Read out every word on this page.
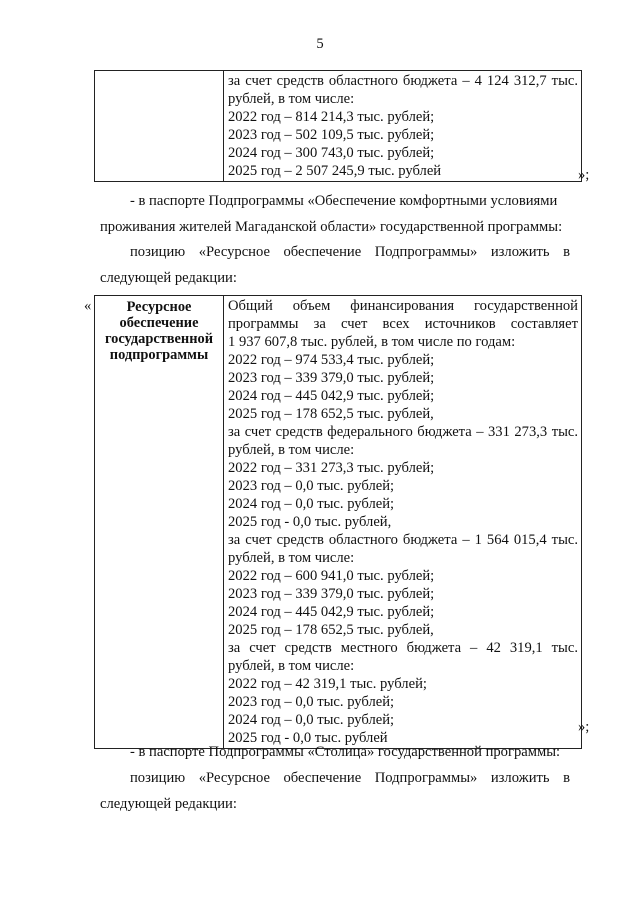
5

за счет средств областного бюджета – 4 124 312,7 тыс.
рублей, в том числе:
2022 год – 814 214,3 тыс. рублей;
2023 год – 502 109,5 тыс. рублей;
2024 год – 300 743,0 тыс. рублей;
2025 год – 2 507 245,9 тыс. рублей	»;
- в паспорте Подпрограммы «Обеспечение комфортными условиями
проживания жителей Магаданской области» государственной программы:
позицию «Ресурсное обеспечение Подпрограммы» изложить в
следующей редакции:
«	Ресурсное
обеспечение
государственной
подпрограммы

Общий объем финансирования государственной
программы за счет всех источников составляет
1 937 607,8 тыс. рублей, в том числе по годам:
2022 год – 974 533,4 тыс. рублей;
2023 год – 339 379,0 тыс. рублей;
2024 год – 445 042,9 тыс. рублей;
2025 год – 178 652,5 тыс. рублей,
за счет средств федерального бюджета – 331 273,3 тыс.
рублей, в том числе:
2022 год – 331 273,3 тыс. рублей;
2023 год – 0,0 тыс. рублей;
2024 год – 0,0 тыс. рублей;
2025 год - 0,0 тыс. рублей,
за счет средств областного бюджета – 1 564 015,4 тыс.
рублей, в том числе:
2022 год – 600 941,0 тыс. рублей;
2023 год – 339 379,0 тыс. рублей;
2024 год – 445 042,9 тыс. рублей;
2025 год – 178 652,5 тыс. рублей,
за счет средств местного бюджета – 42 319,1 тыс.
рублей, в том числе:
2022 год – 42 319,1 тыс. рублей;
2023 год – 0,0 тыс. рублей;
2024 год – 0,0 тыс. рублей;
2025 год - 0,0 тыс. рублей
»;
- в паспорте Подпрограммы «Столица» государственной программы:
позицию «Ресурсное обеспечение Подпрограммы» изложить в
следующей редакции:
